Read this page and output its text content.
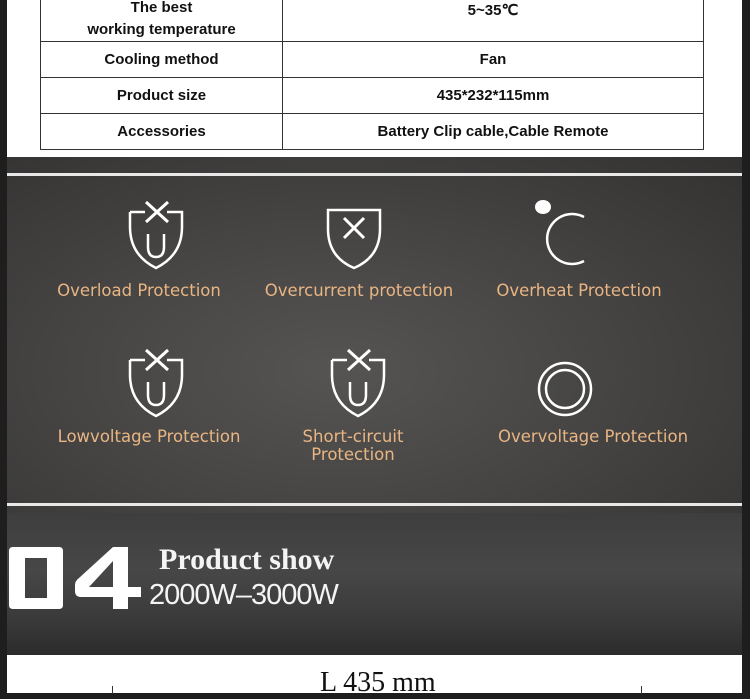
The best
working temperature	5~35℃
Cooling method	Fan
Product size	435*232*115mm
Accessories	Battery Clip cable,Cable Remote
Overload Protection	Overcurrent protection	Overheat Protection
Lowvoltage Protection	Short-circuit
Protection
Overvoltage Protection
Product show
2000W–3000W
L 435 mm
